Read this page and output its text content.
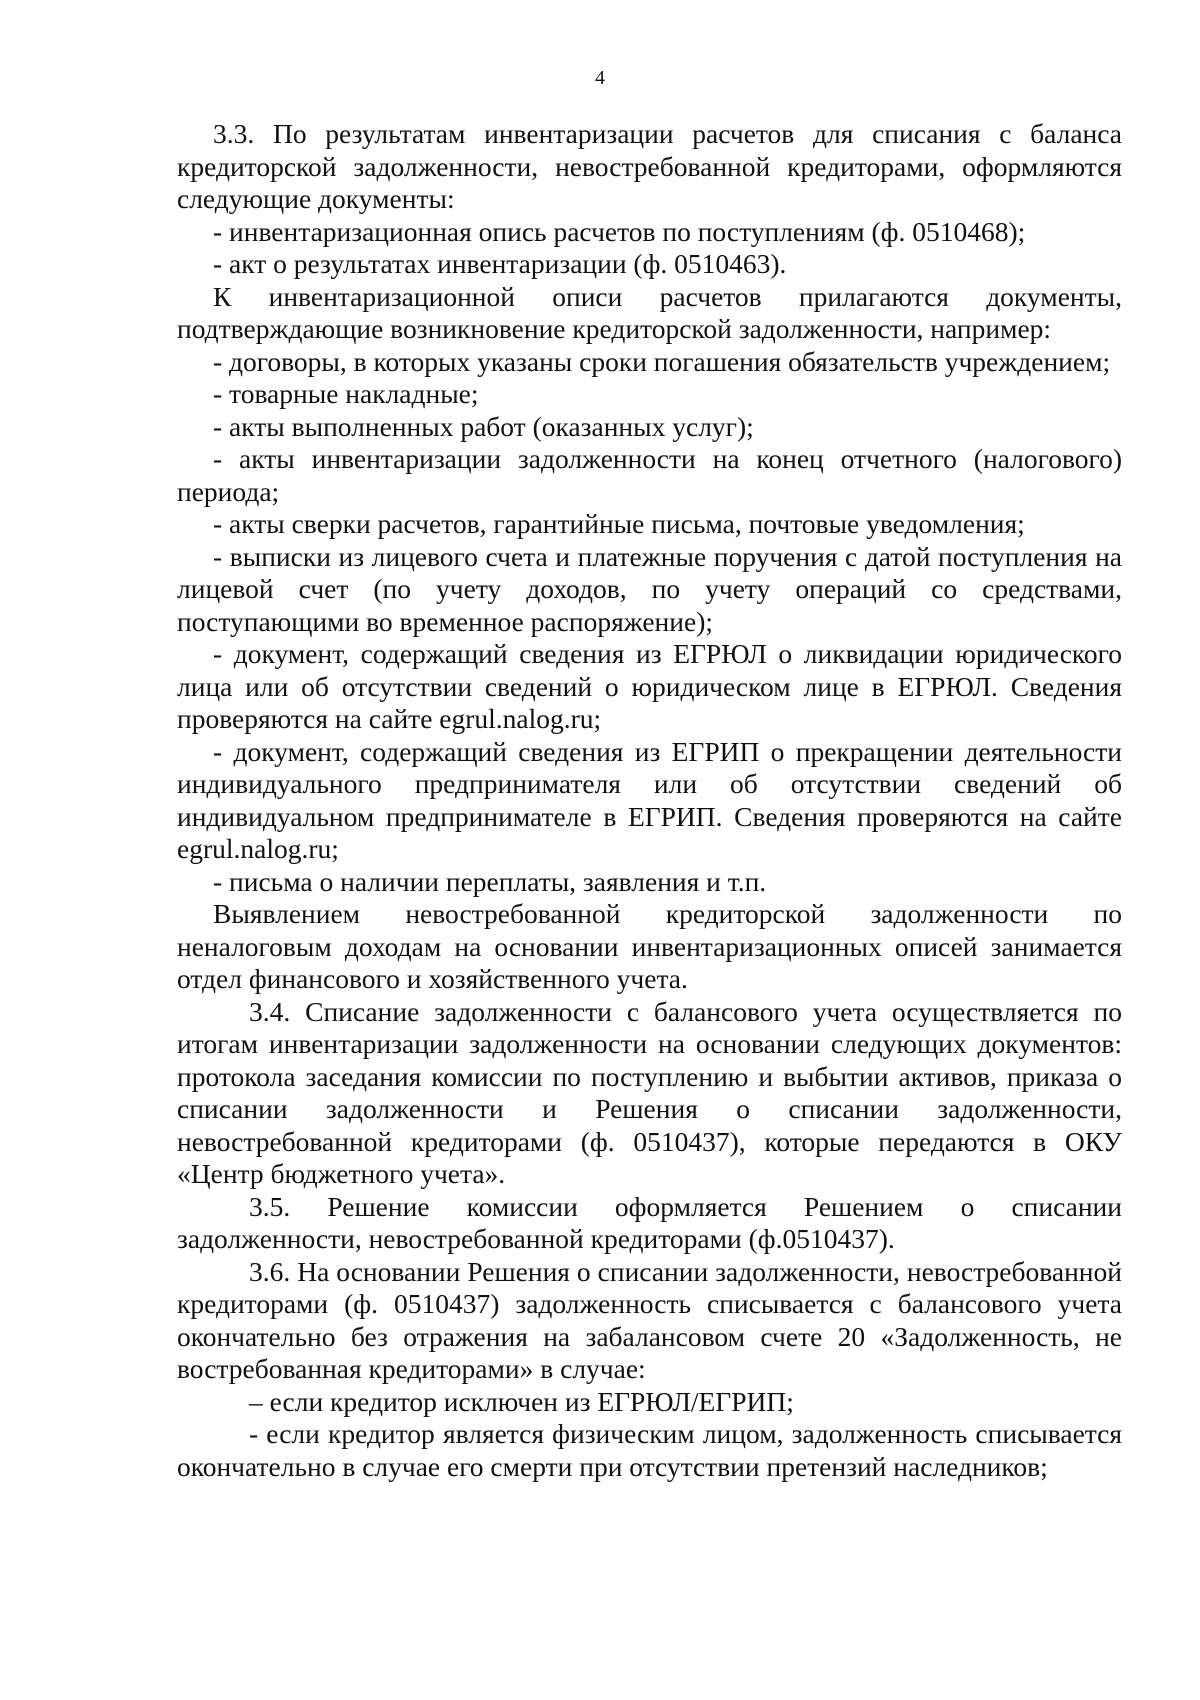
4

3.3. По результатам инвентаризации расчетов для списания с баланса кредиторской задолженности, невостребованной кредиторами, оформляются следующие документы:

- инвентаризационная опись расчетов по поступлениям (ф. 0510468);

- акт о результатах инвентаризации (ф. 0510463).

К инвентаризационной описи расчетов прилагаются документы, подтверждающие возникновение кредиторской задолженности, например:

- договоры, в которых указаны сроки погашения обязательств учреждением;

- товарные накладные;

- акты выполненных работ (оказанных услуг);

- акты инвентаризации задолженности на конец отчетного (налогового) периода;

- акты сверки расчетов, гарантийные письма, почтовые уведомления;

- выписки из лицевого счета и платежные поручения с датой поступления на лицевой счет (по учету доходов, по учету операций со средствами, поступающими во временное распоряжение);

- документ, содержащий сведения из ЕГРЮЛ о ликвидации юридического лица или об отсутствии сведений о юридическом лице в ЕГРЮЛ. Сведения проверяются на сайте egrul.nalog.ru;

- документ, содержащий сведения из ЕГРИП о прекращении деятельности индивидуального предпринимателя или об отсутствии сведений об индивидуальном предпринимателе в ЕГРИП. Сведения проверяются на сайте egrul.nalog.ru;

- письма о наличии переплаты, заявления и т.п.

Выявлением невостребованной кредиторской задолженности по неналоговым доходам на основании инвентаризационных описей занимается отдел финансового и хозяйственного учета.

3.4. Списание задолженности с балансового учета осуществляется по итогам инвентаризации задолженности на основании следующих документов: протокола заседания комиссии по поступлению и выбытии активов, приказа о списании задолженности и Решения о списании задолженности, невостребованной кредиторами (ф. 0510437), которые передаются в ОКУ «Центр бюджетного учета».

3.5. Решение комиссии оформляется Решением о списании задолженности, невостребованной кредиторами (ф.0510437).

3.6. На основании Решения о списании задолженности, невостребованной кредиторами (ф. 0510437) задолженность списывается с балансового учета окончательно без отражения на забалансовом счете 20 «Задолженность, не востребованная кредиторами» в случае:

– если кредитор исключен из ЕГРЮЛ/ЕГРИП;

- если кредитор является физическим лицом, задолженность списывается окончательно в случае его смерти при отсутствии претензий наследников;
